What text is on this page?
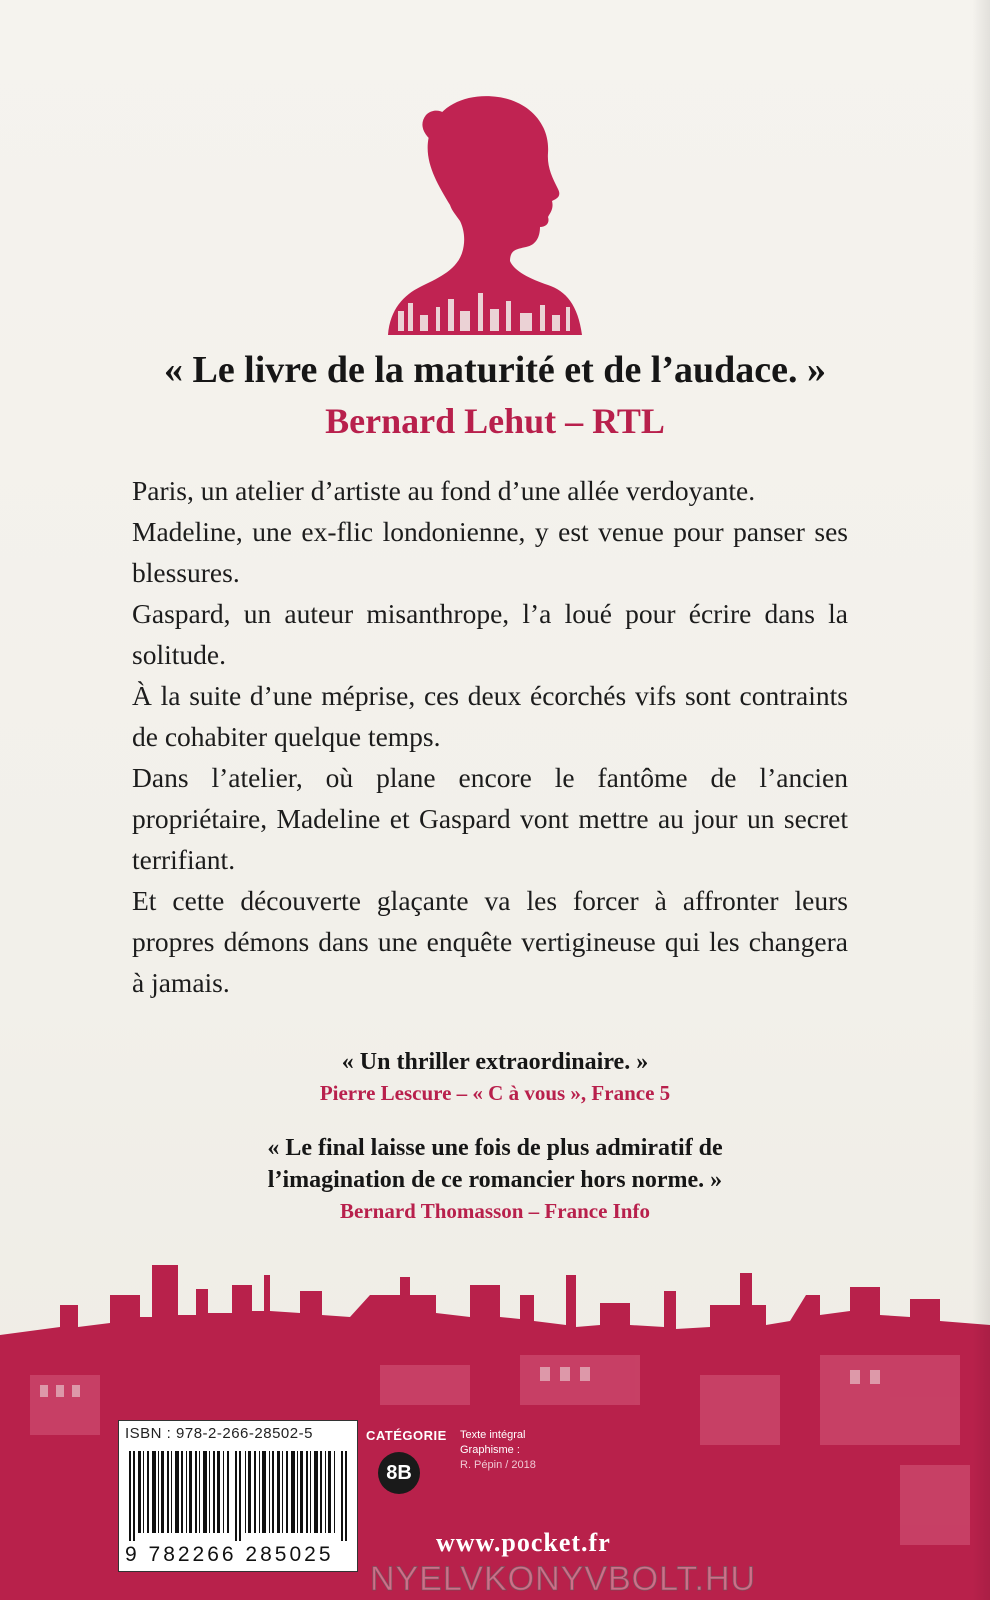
« Le livre de la maturité et de l’audace. »
Bernard Lehut – RTL

Paris, un atelier d’artiste au fond d’une allée verdoyante.

Madeline, une ex-flic londonienne, y est venue pour panser ses blessures.

Gaspard, un auteur misanthrope, l’a loué pour écrire dans la solitude.

À la suite d’une méprise, ces deux écorchés vifs sont contraints de cohabiter quelque temps.

Dans l’atelier, où plane encore le fantôme de l’ancien propriétaire, Madeline et Gaspard vont mettre au jour un secret terrifiant.

Et cette découverte glaçante va les forcer à affronter leurs propres démons dans une enquête vertigineuse qui les changera à jamais.

« Un thriller extraordinaire. »
Pierre Lescure – « C à vous », France 5
« Le final laisse une fois de plus admiratif de
l’imagination de ce romancier hors norme. »
Bernard Thomasson – France Info
ISBN : 978-2-266-28502-5
9 782266 285025
CATÉGORIE
8B
Texte intégral
Graphisme :
R. Pépin / 2018
www.pocket.fr
NYELVKONYVBOLT.HU
